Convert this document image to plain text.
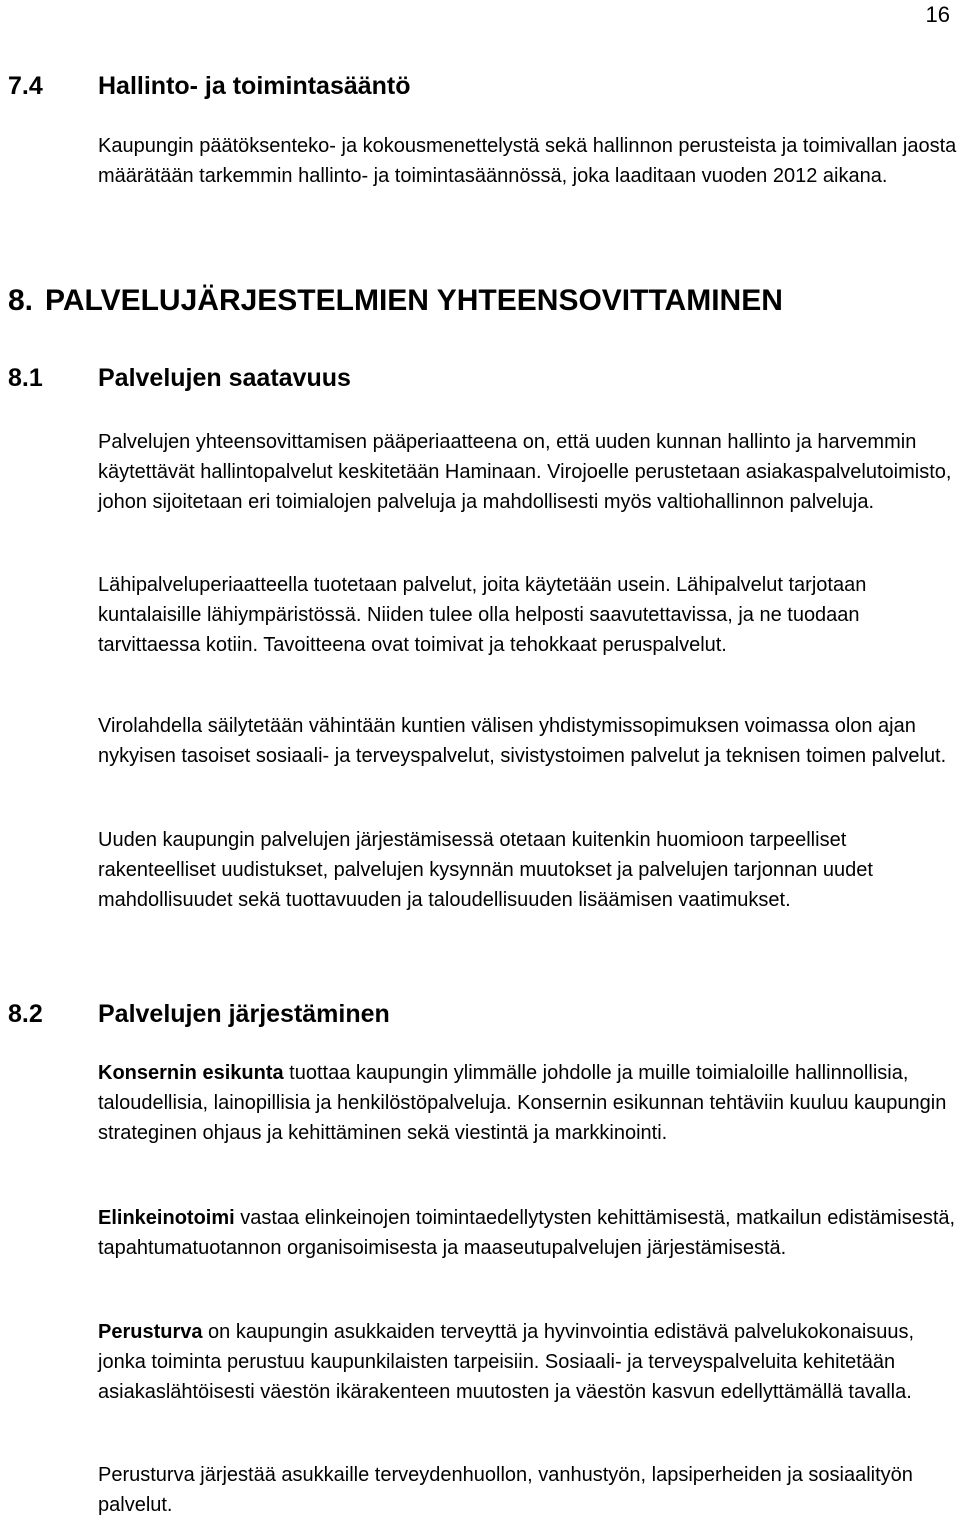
16
7.4	Hallinto- ja toimintasääntö

Kaupungin päätöksenteko- ja kokousmenettelystä sekä hallinnon perusteista ja toimivallan jaosta määrätään tarkemmin hallinto- ja toimintasäännössä, joka laaditaan vuoden 2012 aikana.

8. PALVELUJÄRJESTELMIEN YHTEENSOVITTAMINEN
8.1	Palvelujen saatavuus

Palvelujen yhteensovittamisen pääperiaatteena on, että uuden kunnan hallinto ja harvemmin käytettävät hallintopalvelut keskitetään Haminaan. Virojoelle perustetaan asiakaspalvelutoimisto, johon sijoitetaan eri toimialojen palveluja ja mahdollisesti myös valtiohallinnon palveluja.

Lähipalveluperiaatteella tuotetaan palvelut, joita käytetään usein. Lähipalvelut tarjotaan kuntalaisille lähiympäristössä. Niiden tulee olla helposti saavutettavissa, ja ne tuodaan tarvittaessa kotiin. Tavoitteena ovat toimivat ja tehokkaat peruspalvelut.

Virolahdella säilytetään vähintään kuntien välisen yhdistymissopimuksen voimassa olon ajan nykyisen tasoiset sosiaali- ja terveyspalvelut, sivistystoimen palvelut ja teknisen toimen palvelut.

Uuden kaupungin palvelujen järjestämisessä otetaan kuitenkin huomioon tarpeelliset rakenteelliset uudistukset, palvelujen kysynnän muutokset ja palvelujen tarjonnan uudet mahdollisuudet sekä tuottavuuden ja taloudellisuuden lisäämisen vaatimukset.

8.2	Palvelujen järjestäminen

Konsernin esikunta tuottaa kaupungin ylimmälle johdolle ja muille toimialoille hallinnollisia, taloudellisia, lainopillisia ja henkilöstöpalveluja. Konsernin esikunnan tehtäviin kuuluu kaupungin strateginen ohjaus ja kehittäminen sekä viestintä ja markkinointi.

Elinkeinotoimi vastaa elinkeinojen toimintaedellytysten kehittämisestä, matkailun edistämisestä, tapahtumatuotannon organisoimisesta ja maaseutupalvelujen järjestämisestä.

Perusturva on kaupungin asukkaiden terveyttä ja hyvinvointia edistävä palvelukokonaisuus, jonka toiminta perustuu kaupunkilaisten tarpeisiin. Sosiaali- ja terveyspalveluita kehitetään asiakaslähtöisesti väestön ikärakenteen muutosten ja väestön kasvun edellyttämällä tavalla.

Perusturva järjestää asukkaille terveydenhuollon, vanhustyön, lapsiperheiden ja sosiaalityön palvelut.
